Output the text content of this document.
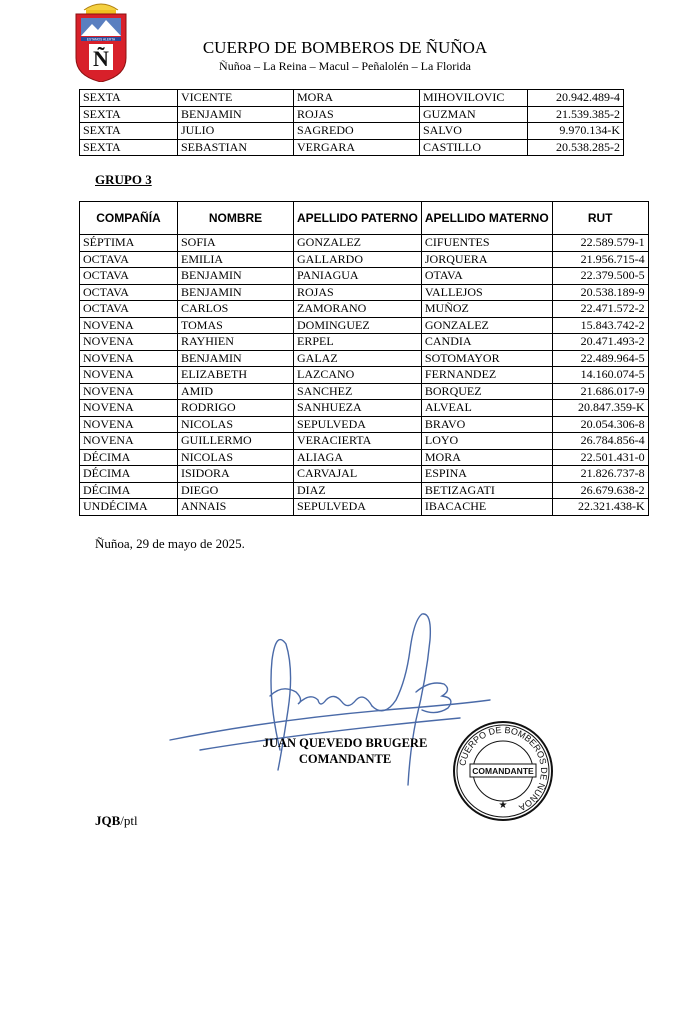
ESTAMOS ALERTA
Ñ	CUERPO DE BOMBEROS DE ÑUÑOA
Ñuñoa – La Reina – Macul – Peñalolén – La Florida
SEXTA	VICENTE	MORA	MIHOVILOVIC	20.942.489-4
SEXTA	BENJAMIN	ROJAS	GUZMAN	21.539.385-2
SEXTA	JULIO	SAGREDO	SALVO	9.970.134-K
SEXTA	SEBASTIAN	VERGARA	CASTILLO	20.538.285-2
GRUPO 3
COMPAÑÍA	NOMBRE	APELLIDO PATERNO	APELLIDO MATERNO	RUT
SÉPTIMA	SOFIA	GONZALEZ	CIFUENTES	22.589.579-1
OCTAVA	EMILIA	GALLARDO	JORQUERA	21.956.715-4
OCTAVA	BENJAMIN	PANIAGUA	OTAVA	22.379.500-5
OCTAVA	BENJAMIN	ROJAS	VALLEJOS	20.538.189-9
OCTAVA	CARLOS	ZAMORANO	MUÑOZ	22.471.572-2
NOVENA	TOMAS	DOMINGUEZ	GONZALEZ	15.843.742-2
NOVENA	RAYHIEN	ERPEL	CANDIA	20.471.493-2
NOVENA	BENJAMIN	GALAZ	SOTOMAYOR	22.489.964-5
NOVENA	ELIZABETH	LAZCANO	FERNANDEZ	14.160.074-5
NOVENA	AMID	SANCHEZ	BORQUEZ	21.686.017-9
NOVENA	RODRIGO	SANHUEZA	ALVEAL	20.847.359-K
NOVENA	NICOLAS	SEPULVEDA	BRAVO	20.054.306-8
NOVENA	GUILLERMO	VERACIERTA	LOYO	26.784.856-4
DÉCIMA	NICOLAS	ALIAGA	MORA	22.501.431-0
DÉCIMA	ISIDORA	CARVAJAL	ESPINA	21.826.737-8
DÉCIMA	DIEGO	DIAZ	BETIZAGATI	26.679.638-2
UNDÉCIMA	ANNAIS	SEPULVEDA	IBACACHE	22.321.438-K
Ñuñoa, 29 de mayo de 2025.
JUAN QUEVEDO BRUGERE
COMANDANTE	CUERPO DE BOMBEROS DE ÑUÑOA
COMANDANTE
★
JQB/ptl
